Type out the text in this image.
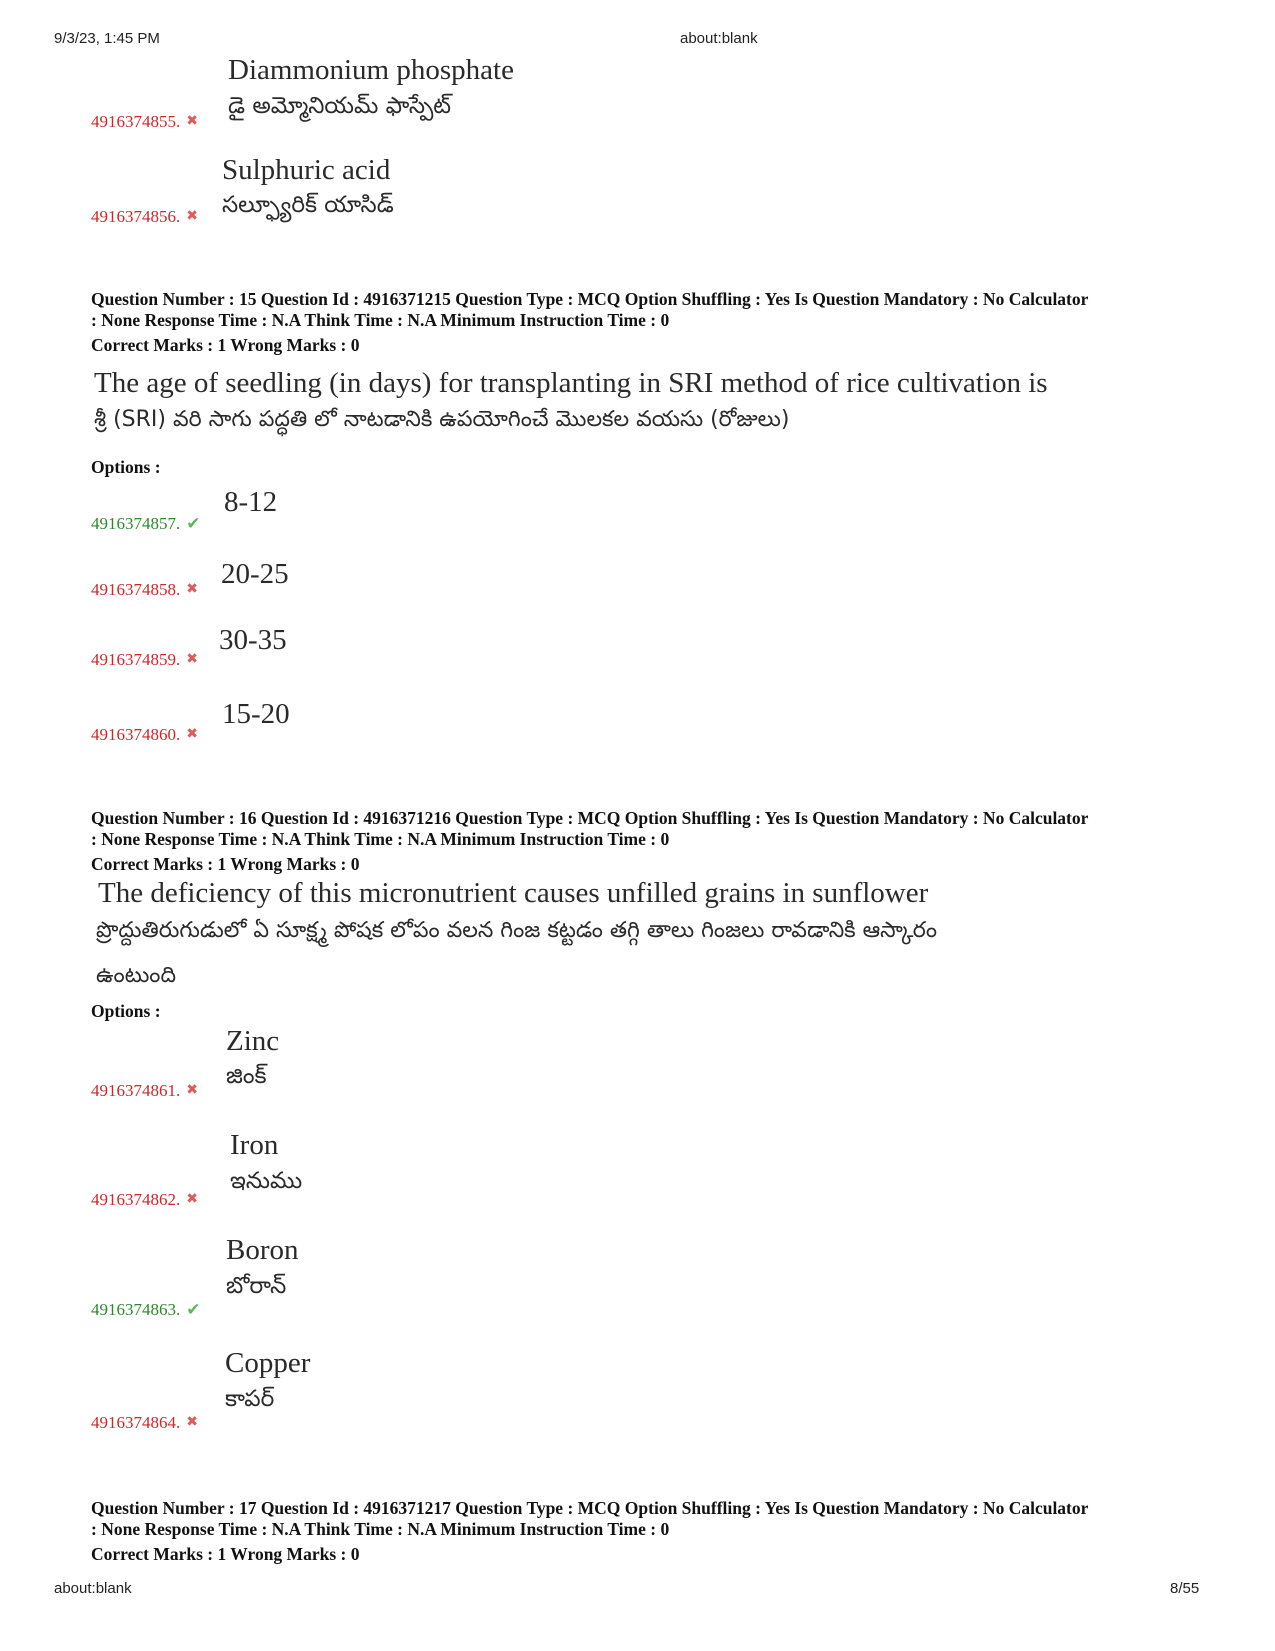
9/3/23, 1:45 PM	about:blank
Diammonium phosphate
డై అమ్మోనియమ్ ఫాస్పేట్
4916374855. ✖
Sulphuric acid
సల్ఫ్యూరిక్ యాసిడ్
4916374856. ✖
Question Number : 15 Question Id : 4916371215 Question Type : MCQ Option Shuffling : Yes Is Question Mandatory : No Calculator
: None Response Time : N.A Think Time : N.A Minimum Instruction Time : 0
Correct Marks : 1 Wrong Marks : 0
The age of seedling (in days) for transplanting in SRI method of rice cultivation is
శ్రీ (SRI) వరి సాగు పద్ధతి లో నాటడానికి ఉపయోగించే మొలకల వయసు (రోజులు)
Options :
8-12
4916374857. ✔
20-25
4916374858. ✖
30-35
4916374859. ✖
15-20
4916374860. ✖
Question Number : 16 Question Id : 4916371216 Question Type : MCQ Option Shuffling : Yes Is Question Mandatory : No Calculator
: None Response Time : N.A Think Time : N.A Minimum Instruction Time : 0
Correct Marks : 1 Wrong Marks : 0
The deficiency of this micronutrient causes unfilled grains in sunflower
ప్రొద్దుతిరుగుడులో ఏ సూక్ష్మ పోషక లోపం వలన గింజ కట్టడం తగ్గి తాలు గింజలు రావడానికి ఆస్కారం
ఉంటుంది
Options :
Zinc
జింక్
4916374861. ✖
Iron
ఇనుము
4916374862. ✖
Boron
బోరాన్
4916374863. ✔
Copper
కాపర్
4916374864. ✖
Question Number : 17 Question Id : 4916371217 Question Type : MCQ Option Shuffling : Yes Is Question Mandatory : No Calculator
: None Response Time : N.A Think Time : N.A Minimum Instruction Time : 0
Correct Marks : 1 Wrong Marks : 0
about:blank	8/55
